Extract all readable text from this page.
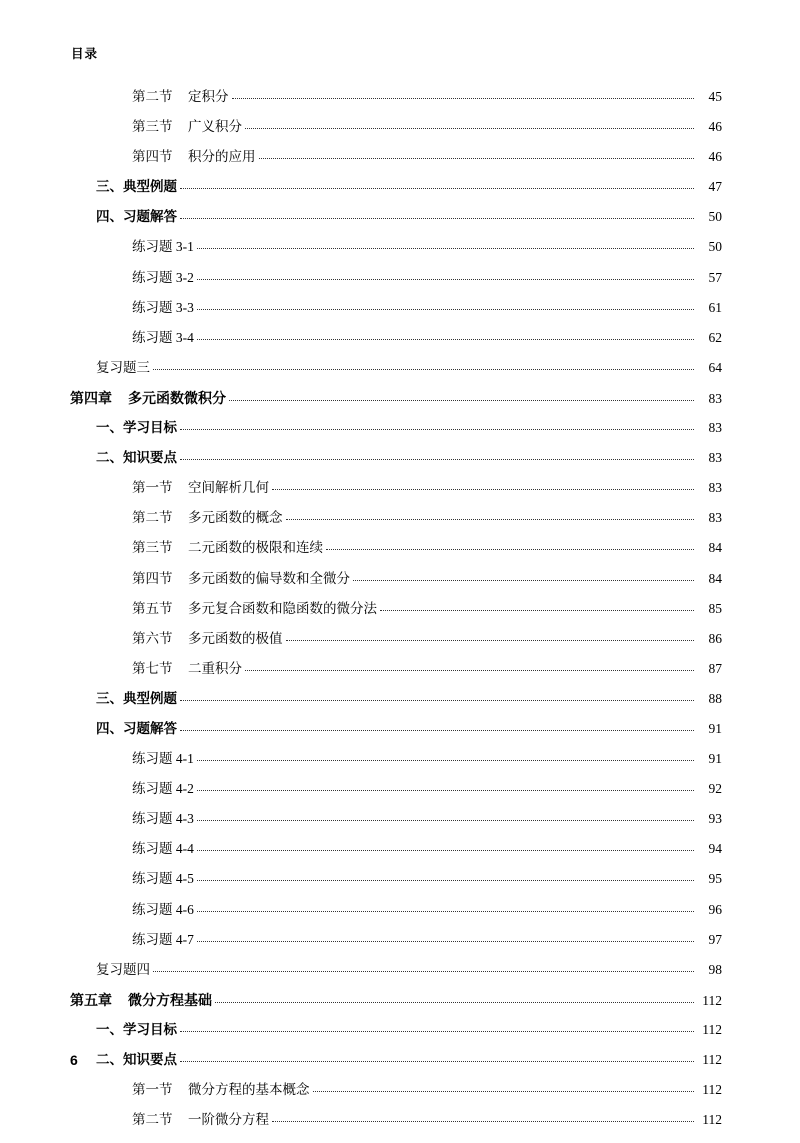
目录
第二节	定积分	45
第三节	广义积分	46
第四节	积分的应用	46
三、典型例题	47
四、习题解答	50
练习题 3-1	50
练习题 3-2	57
练习题 3-3	61
练习题 3-4	62
复习题三	64
第四章 多元函数微积分	83
一、学习目标	83
二、知识要点	83
第一节	空间解析几何	83
第二节	多元函数的概念	83
第三节	二元函数的极限和连续	84
第四节	多元函数的偏导数和全微分	84
第五节	多元复合函数和隐函数的微分法	85
第六节	多元函数的极值	86
第七节	二重积分	87
三、典型例题	88
四、习题解答	91
练习题 4-1	91
练习题 4-2	92
练习题 4-3	93
练习题 4-4	94
练习题 4-5	95
练习题 4-6	96
练习题 4-7	97
复习题四	98
第五章 微分方程基础	112
一、学习目标	112
二、知识要点	112
第一节	微分方程的基本概念	112
第二节	一阶微分方程	112
6
